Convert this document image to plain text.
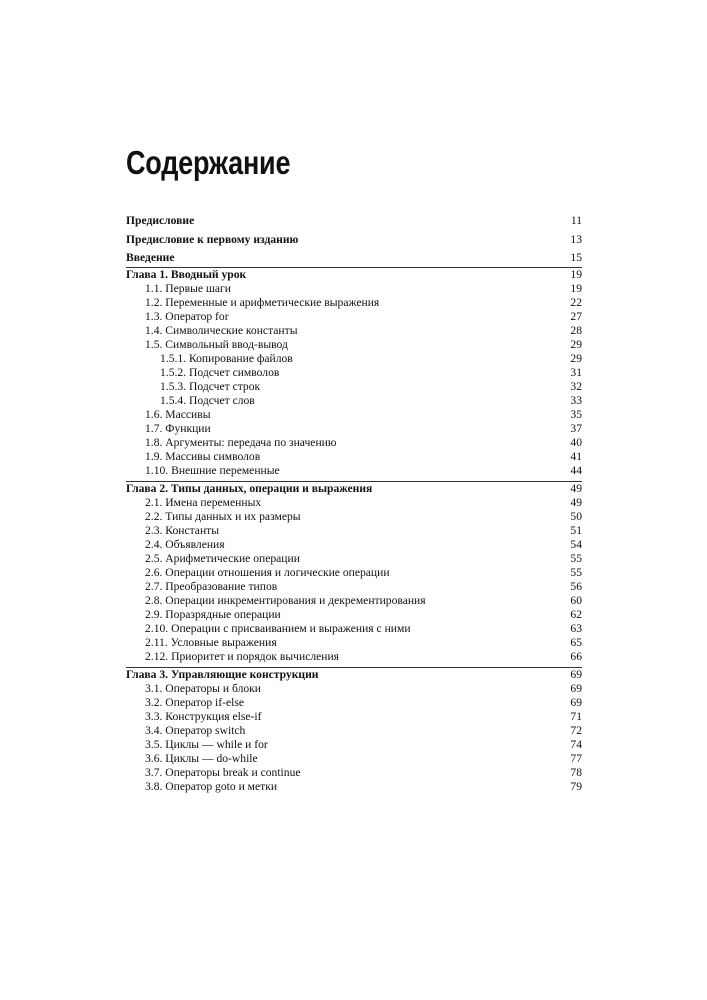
Содержание
Предисловие	11
Предисловие к первому изданию	13
Введение	15
Глава 1. Вводный урок	19
1.1. Первые шаги	19
1.2. Переменные и арифметические выражения	22
1.3. Оператор for	27
1.4. Символические константы	28
1.5. Символьный ввод-вывод	29
1.5.1. Копирование файлов	29
1.5.2. Подсчет символов	31
1.5.3. Подсчет строк	32
1.5.4. Подсчет слов	33
1.6. Массивы	35
1.7. Функции	37
1.8. Аргументы: передача по значению	40
1.9. Массивы символов	41
1.10. Внешние переменные	44
Глава 2. Типы данных, операции и выражения	49
2.1. Имена переменных	49
2.2. Типы данных и их размеры	50
2.3. Константы	51
2.4. Объявления	54
2.5. Арифметические операции	55
2.6. Операции отношения и логические операции	55
2.7. Преобразование типов	56
2.8. Операции инкрементирования и декрементирования	60
2.9. Поразрядные операции	62
2.10. Операции с присваиванием и выражения с ними	63
2.11. Условные выражения	65
2.12. Приоритет и порядок вычисления	66
Глава 3. Управляющие конструкции	69
3.1. Операторы и блоки	69
3.2. Оператор if-else	69
3.3. Конструкция else-if	71
3.4. Оператор switch	72
3.5. Циклы — while и for	74
3.6. Циклы — do-while	77
3.7. Операторы break и continue	78
3.8. Оператор goto и метки	79
